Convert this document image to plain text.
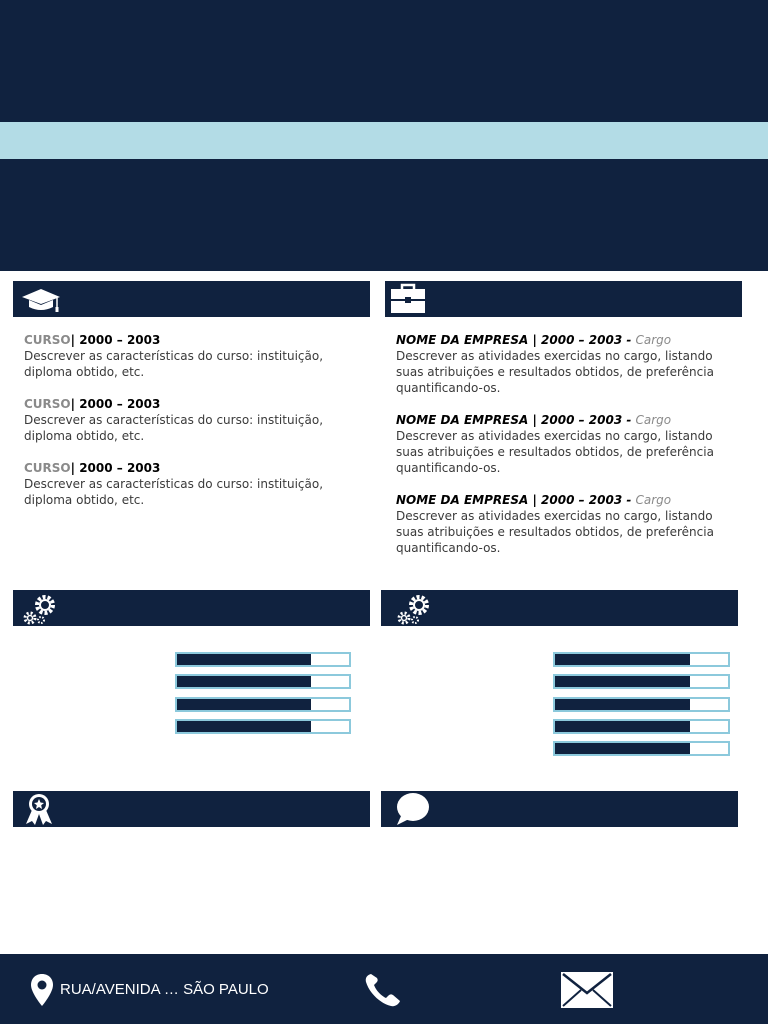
CURSO| 2000 – 2003
Descrever as características do curso: instituição, diploma obtido, etc.
CURSO| 2000 – 2003
Descrever as características do curso: instituição, diploma obtido, etc.
CURSO| 2000 – 2003
Descrever as características do curso: instituição, diploma obtido, etc.
NOME DA EMPRESA | 2000 – 2003 - Cargo
Descrever as atividades exercidas no cargo, listando suas atribuições e resultados obtidos, de preferência quantificando-os.
NOME DA EMPRESA | 2000 – 2003 - Cargo
Descrever as atividades exercidas no cargo, listando suas atribuições e resultados obtidos, de preferência quantificando-os.
NOME DA EMPRESA | 2000 – 2003 - Cargo
Descrever as atividades exercidas no cargo, listando suas atribuições e resultados obtidos, de preferência quantificando-os.
RUA/AVENIDA … SÃO PAULO
